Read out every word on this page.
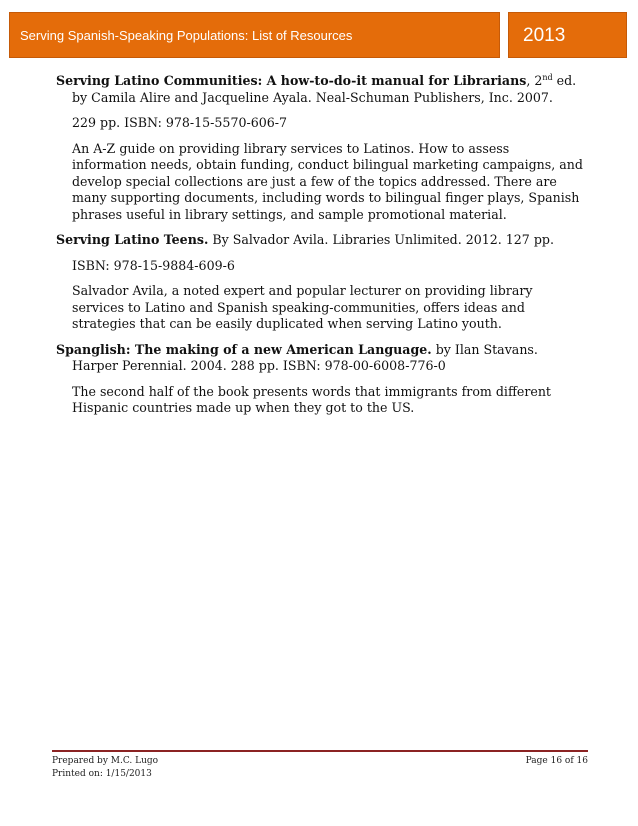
Serving Spanish-Speaking Populations: List of Resources	2013

Serving Latino Communities: A how-to-do-it manual for Librarians, 2nd ed. by Camila Alire and Jacqueline Ayala. Neal-Schuman Publishers, Inc. 2007.

229 pp. ISBN: 978-15-5570-606-7

An A-Z guide on providing library services to Latinos. How to assess information needs, obtain funding, conduct bilingual marketing campaigns, and develop special collections are just a few of the topics addressed. There are many supporting documents, including words to bilingual finger plays, Spanish phrases useful in library settings, and sample promotional material.

Serving Latino Teens. By Salvador Avila. Libraries Unlimited. 2012. 127 pp.

ISBN: 978-15-9884-609-6

Salvador Avila, a noted expert and popular lecturer on providing library services to Latino and Spanish speaking-communities, offers ideas and strategies that can be easily duplicated when serving Latino youth.

Spanglish: The making of a new American Language. by Ilan Stavans. Harper Perennial. 2004. 288 pp. ISBN: 978-00-6008-776-0

The second half of the book presents words that immigrants from different Hispanic countries made up when they got to the US.

Prepared by M.C. Lugo
Printed on: 1/15/2013
Page 16 of 16
